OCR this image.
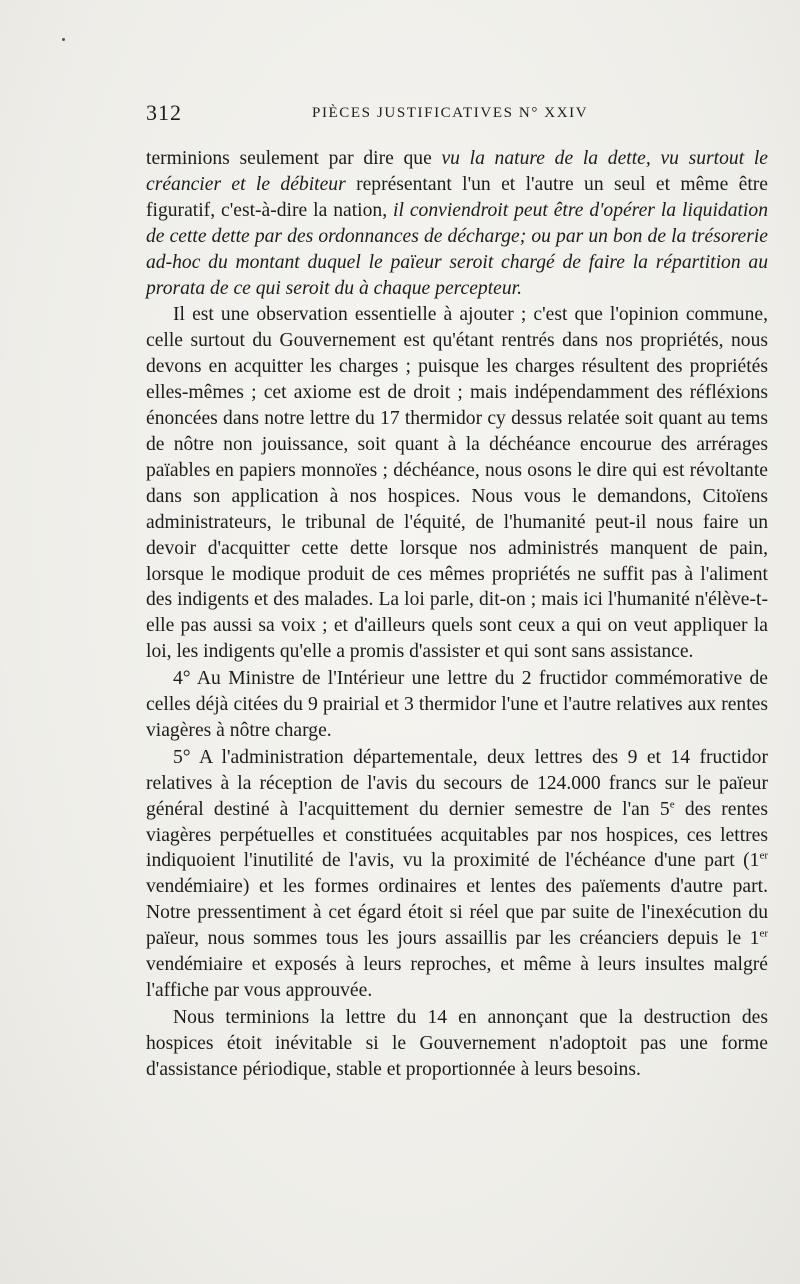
312	PIÈCES JUSTIFICATIVES N° XXIV

terminions seulement par dire que vu la nature de la dette, vu surtout le créancier et le débiteur représentant l'un et l'autre un seul et même être figuratif, c'est-à-dire la nation, il conviendroit peut être d'opérer la liquidation de cette dette par des ordonnances de décharge; ou par un bon de la trésorerie ad-hoc du montant duquel le païeur seroit chargé de faire la répartition au prorata de ce qui seroit du à chaque percepteur.

Il est une observation essentielle à ajouter ; c'est que l'opinion commune, celle surtout du Gouvernement est qu'étant rentrés dans nos propriétés, nous devons en acquitter les charges ; puisque les charges résultent des propriétés elles-mêmes ; cet axiome est de droit ; mais indépendamment des réfléxions énoncées dans notre lettre du 17 thermidor cy dessus relatée soit quant au tems de nôtre non jouissance, soit quant à la déchéance encourue des arrérages païables en papiers monnoïes ; déchéance, nous osons le dire qui est révoltante dans son application à nos hospices. Nous vous le demandons, Citoïens administrateurs, le tribunal de l'équité, de l'humanité peut-il nous faire un devoir d'acquitter cette dette lorsque nos administrés manquent de pain, lorsque le modique produit de ces mêmes propriétés ne suffit pas à l'aliment des indigents et des malades. La loi parle, dit-on ; mais ici l'humanité n'élève-t-elle pas aussi sa voix ; et d'ailleurs quels sont ceux a qui on veut appliquer la loi, les indigents qu'elle a promis d'assister et qui sont sans assistance.

4° Au Ministre de l'Intérieur une lettre du 2 fructidor commémorative de celles déjà citées du 9 prairial et 3 thermidor l'une et l'autre relatives aux rentes viagères à nôtre charge.

5° A l'administration départementale, deux lettres des 9 et 14 fructidor relatives à la réception de l'avis du secours de 124.000 francs sur le païeur général destiné à l'acquittement du dernier semestre de l'an 5e des rentes viagères perpétuelles et constituées acquitables par nos hospices, ces lettres indiquoient l'inutilité de l'avis, vu la proximité de l'échéance d'une part (1er vendémiaire) et les formes ordinaires et lentes des païements d'autre part. Notre pressentiment à cet égard étoit si réel que par suite de l'inexécution du païeur, nous sommes tous les jours assaillis par les créanciers depuis le 1er vendémiaire et exposés à leurs reproches, et même à leurs insultes malgré l'affiche par vous approuvée.

Nous terminions la lettre du 14 en annonçant que la destruction des hospices étoit inévitable si le Gouvernement n'adoptoit pas une forme d'assistance périodique, stable et proportionnée à leurs besoins.
